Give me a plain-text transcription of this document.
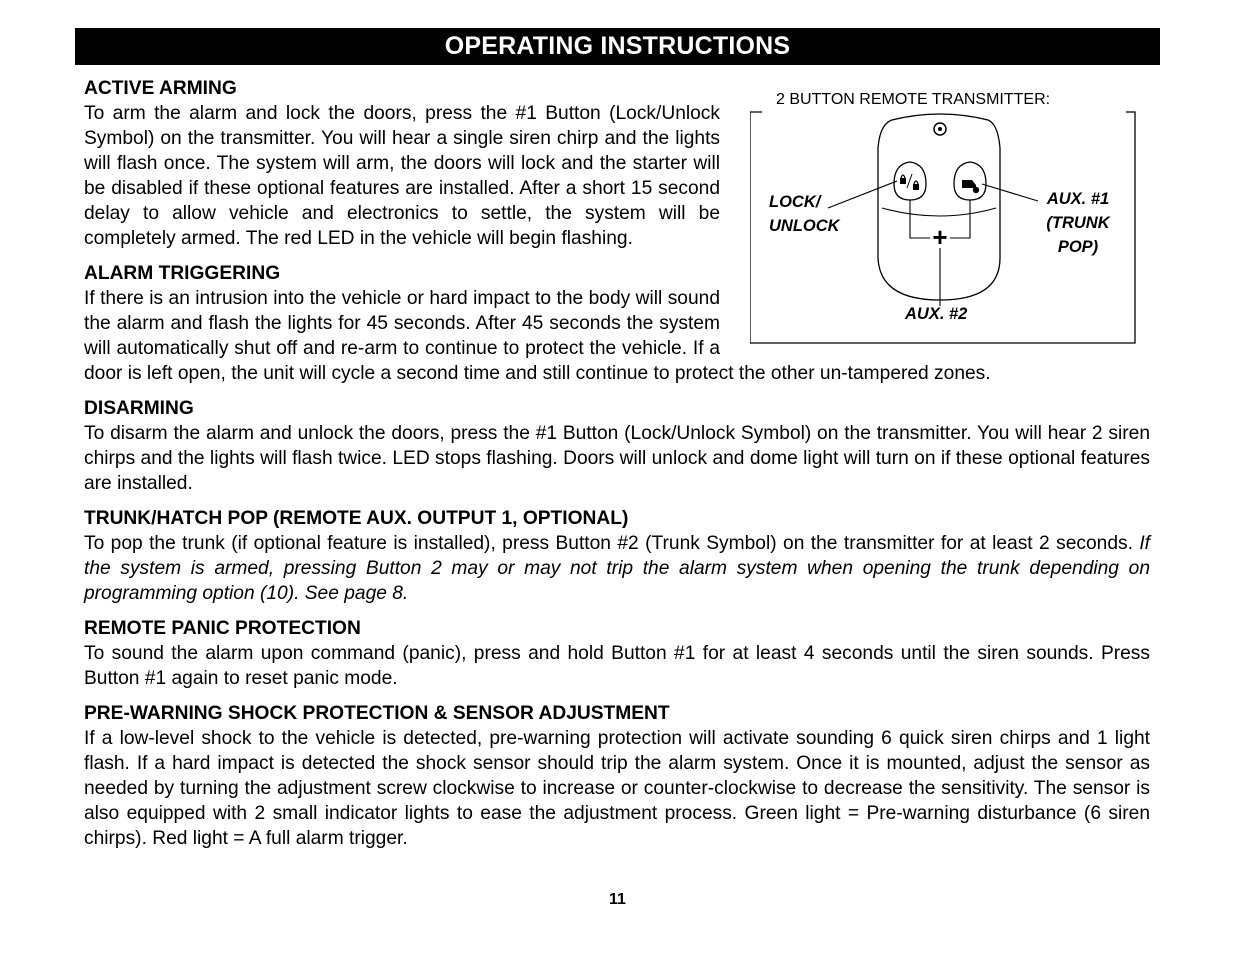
OPERATING INSTRUCTIONS
ACTIVE ARMING

To arm the alarm and lock the doors, press the #1 Button (Lock/Unlock Symbol) on the transmitter. You will hear a single siren chirp and the lights will flash once. The system will arm, the doors will lock and the starter will be disabled if these optional features are installed. After a short 15 second delay to allow vehicle and electronics to settle, the system will be completely armed. The red LED in the vehicle will begin flashing.

ALARM TRIGGERING

If there is an intrusion into the vehicle or hard impact to the body will sound the alarm and flash the lights for 45 seconds. After 45 seconds the system will automatically shut off and re-arm to continue to protect the vehicle. If a door is left open, the unit will cycle a second time and still continue to protect the other un-tampered zones.

DISARMING

To disarm the alarm and unlock the doors, press the #1 Button (Lock/Unlock Symbol) on the transmitter. You will hear 2 siren chirps and the lights will flash twice. LED stops flashing. Doors will unlock and dome light will turn on if these optional features are installed.

TRUNK/HATCH POP (REMOTE AUX. OUTPUT 1, OPTIONAL)

To pop the trunk (if optional feature is installed), press Button #2 (Trunk Symbol) on the transmitter for at least 2 seconds. If the system is armed, pressing Button 2 may or may not trip the alarm system when opening the trunk depending on programming option (10). See page 8.

REMOTE PANIC PROTECTION

To sound the alarm upon command (panic), press and hold Button #1 for at least 4 seconds until the siren sounds. Press Button #1 again to reset panic mode.

PRE-WARNING SHOCK PROTECTION & SENSOR ADJUSTMENT

If a low-level shock to the vehicle is detected, pre-warning protection will activate sounding 6 quick siren chirps and 1 light flash. If a hard impact is detected the shock sensor should trip the alarm system. Once it is mounted, adjust the sensor as needed by turning the adjustment screw clockwise to increase or counter-clockwise to decrease the sensitivity. The sensor is also equipped with 2 small indicator lights to ease the adjustment process. Green light = Pre-warning disturbance (6 siren chirps). Red light = A full alarm trigger.

2 BUTTON REMOTE TRANSMITTER:
LOCK/
UNLOCK
AUX. #1
(TRUNK
POP)
AUX. #2
+
11
